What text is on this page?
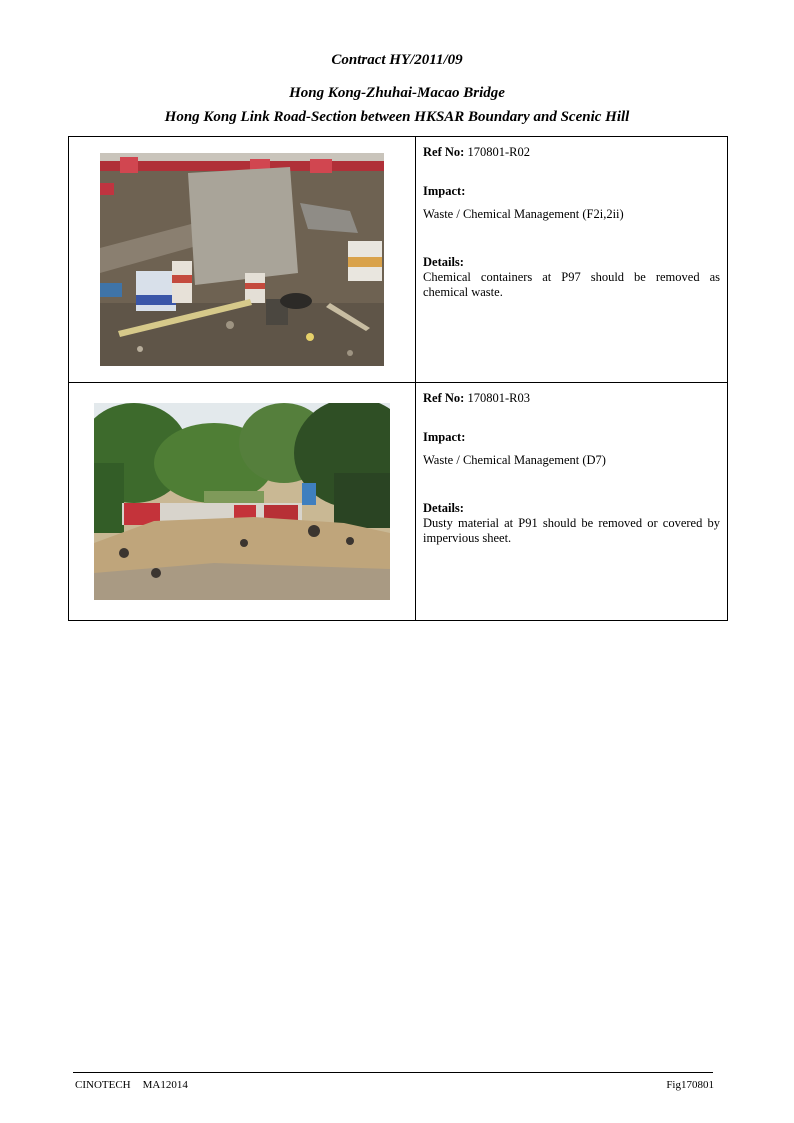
Contract HY/2011/09
Hong Kong-Zhuhai-Macao Bridge
Hong Kong Link Road-Section between HKSAR Boundary and Scenic Hill

Ref No: 170801-R02

Impact:

Waste / Chemical Management (F2i,2ii)

Details:

Chemical containers at P97 should be removed as chemical waste.

Ref No: 170801-R03

Impact:

Waste / Chemical Management (D7)

Details:

Dusty material at P91 should be removed or covered by impervious sheet.

CINOTECH MA12014	Fig170801
